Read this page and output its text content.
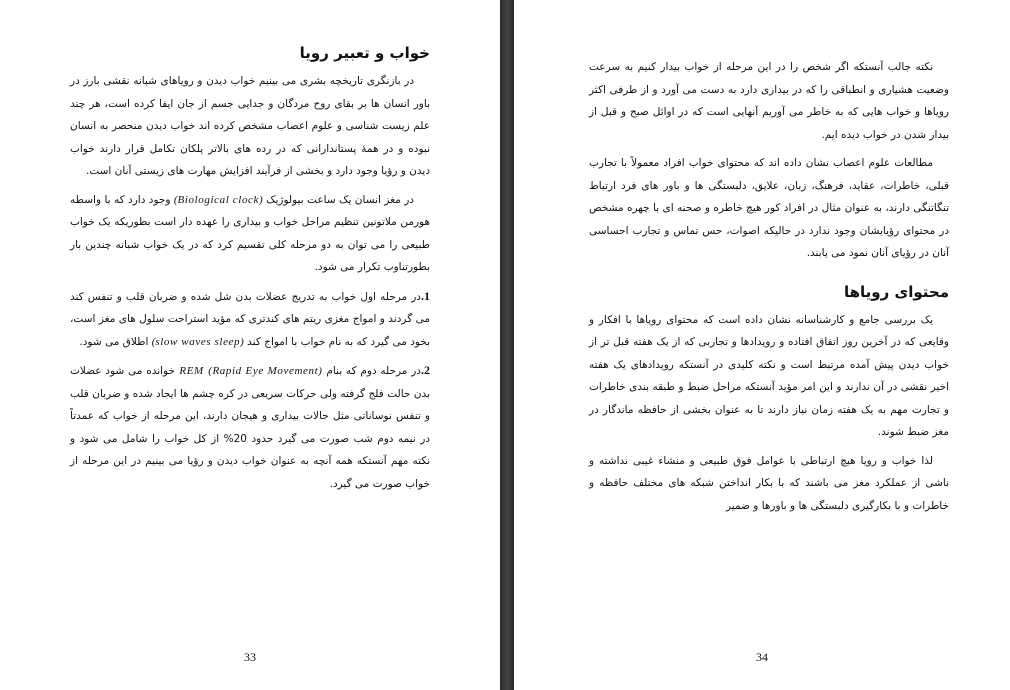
خواب و تعبیر رویا

در بازنگری تاریخچه بشری می بینیم خواب دیدن و رویاهای شبانه نقشی بارز در باور انسان ها بر بقای روح مردگان و جدایی جسم از جان ایفا کرده است، هر چند علم زیست شناسی و علوم اعصاب مشخص کرده اند خواب دیدن منحصر به انسان نبوده و در همهٔ پستاندارانی که در رده های بالاتر پلکان تکامل قرار دارند خواب دیدن و رؤیا وجود دارد و بخشی از فرآیند افزایش مهارت های زیستی آنان است.

در مغز انسان یک ساعت بیولوژیک (Biological clock) وجود دارد که با واسطه هورمن ملاتونین تنظیم مراحل خواب و بیداری را عهده دار است بطوریکه یک خواب طبیعی را می توان به دو مرحله کلی تقسیم کرد که در یک خواب شبانه چندین بار بطورتناوب تکرار می شود.

1.در مرحله اول خواب به تدریج عضلات بدن شل شده و ضربان قلب و تنفس کند می گردند و امواج مغزی ریتم های کندتری که مؤید استراحت سلول های مغز است، بخود می گیرد که به نام خواب با امواج کند (slow waves sleep) اطلاق می شود.

2.در مرحله دوم که بنام REM (Rapid Eye Movement) خوانده می شود عضلات بدن حالت فلج گرفته ولی حرکات سریعی در کره چشم ها ایجاد شده و ضربان قلب و تنفس نوساناتی مثل حالات بیداری و هیجان دارند، این مرحله از خواب که عمدتاً در نیمه دوم شب صورت می گیرد حدود 20% از کل خواب را شامل می شود و نکته مهم آنستکه همه آنچه به عنوان خواب دیدن و رؤیا می بینیم در این مرحله از خواب صورت می گیرد.

33

نکته جالب آنستکه اگر شخص را در این مرحله از خواب بیدار کنیم به سرعت وضعیت هشیاری و انطباقی را که در بیداری دارد به دست می آورد و از طرفی اکثر رویاها و خواب هایی که به خاطر می آوریم آنهایی است که در اوائل صبح و قبل از بیدار شدن در خواب دیده ایم.

مطالعات علوم اعصاب نشان داده اند که محتوای خواب افراد معمولاً با تجارب قبلی، خاطرات، عقاید، فرهنگ، زبان، علایق، دلبستگی ها و باور های فرد ارتباط تنگاتنگی دارند، به عنوان مثال در افراد کور هیچ خاطره و صحنه ای با چهره مشخص در محتوای رؤیایشان وجود ندارد در حالیکه اصوات، حس تماس و تجارب احساسی آنان در رؤیای آنان نمود می یابند.

محتوای رویاها

یک بررسی جامع و کارشناسانه نشان داده است که محتوای رویاها با افکار و وقایعی که در آخرین روز اتفاق افتاده و رویدادها و تجاربی که از یک هفته قبل تر از خواب دیدن پیش آمده مرتبط است و نکته کلیدی در آنستکه رویدادهای یک هفته اخیر نقشی در آن ندارند و این امر مؤید آنستکه مراحل ضبط و طبقه بندی خاطرات و تجارت مهم به یک هفته زمان نیاز دارند تا به عنوان بخشی از حافظه ماندگار در مغز ضبط شوند.

لذا خواب و رویا هیچ ارتباطی با عوامل فوق طبیعی و منشاء غیبی نداشته و ناشی از عملکرد مغز می باشند که با بکار انداختن شبکه های مختلف حافظه و خاطرات و با بکارگیری دلبستگی ها و باورها و ضمیر

34
